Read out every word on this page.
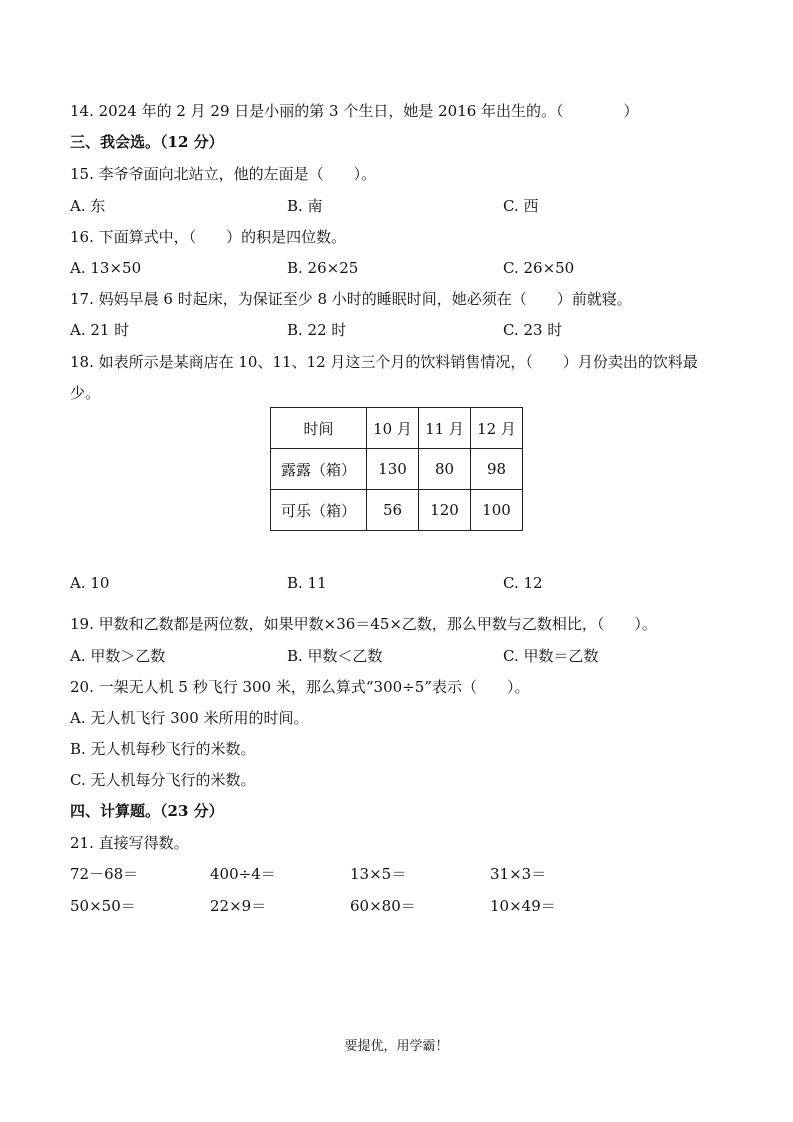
14. 2024 年的 2 月 29 日是小丽的第 3 个生日，她是 2016 年出生的。（　　　　）
三、我会选。（12 分）
15. 李爷爷面向北站立，他的左面是（　　）。
A. 东	B. 南	C. 西
16. 下面算式中，（　　）的积是四位数。
A. 13×50	B. 26×25	C. 26×50
17. 妈妈早晨 6 时起床，为保证至少 8 小时的睡眠时间，她必须在（　　）前就寝。
A. 21 时	B. 22 时	C. 23 时
18. 如表所示是某商店在 10、11、12 月这三个月的饮料销售情况，（　　）月份卖出的饮料最
少。
时间	10 月	11 月	12 月
露露（箱）	130	80	98
可乐（箱）	56	120	100
A. 10	B. 11	C. 12
19. 甲数和乙数都是两位数，如果甲数×36＝45×乙数，那么甲数与乙数相比，（　　）。
A. 甲数＞乙数	B. 甲数＜乙数	C. 甲数＝乙数
20. 一架无人机 5 秒飞行 300 米，那么算式“300÷5”表示（　　）。
A. 无人机飞行 300 米所用的时间。
B. 无人机每秒飞行的米数。
C. 无人机每分飞行的米数。
四、计算题。（23 分）
21. 直接写得数。
72－68＝	400÷4＝	13×5＝	31×3＝
50×50＝	22×9＝	60×80＝	10×49＝
要提优，用学霸！
